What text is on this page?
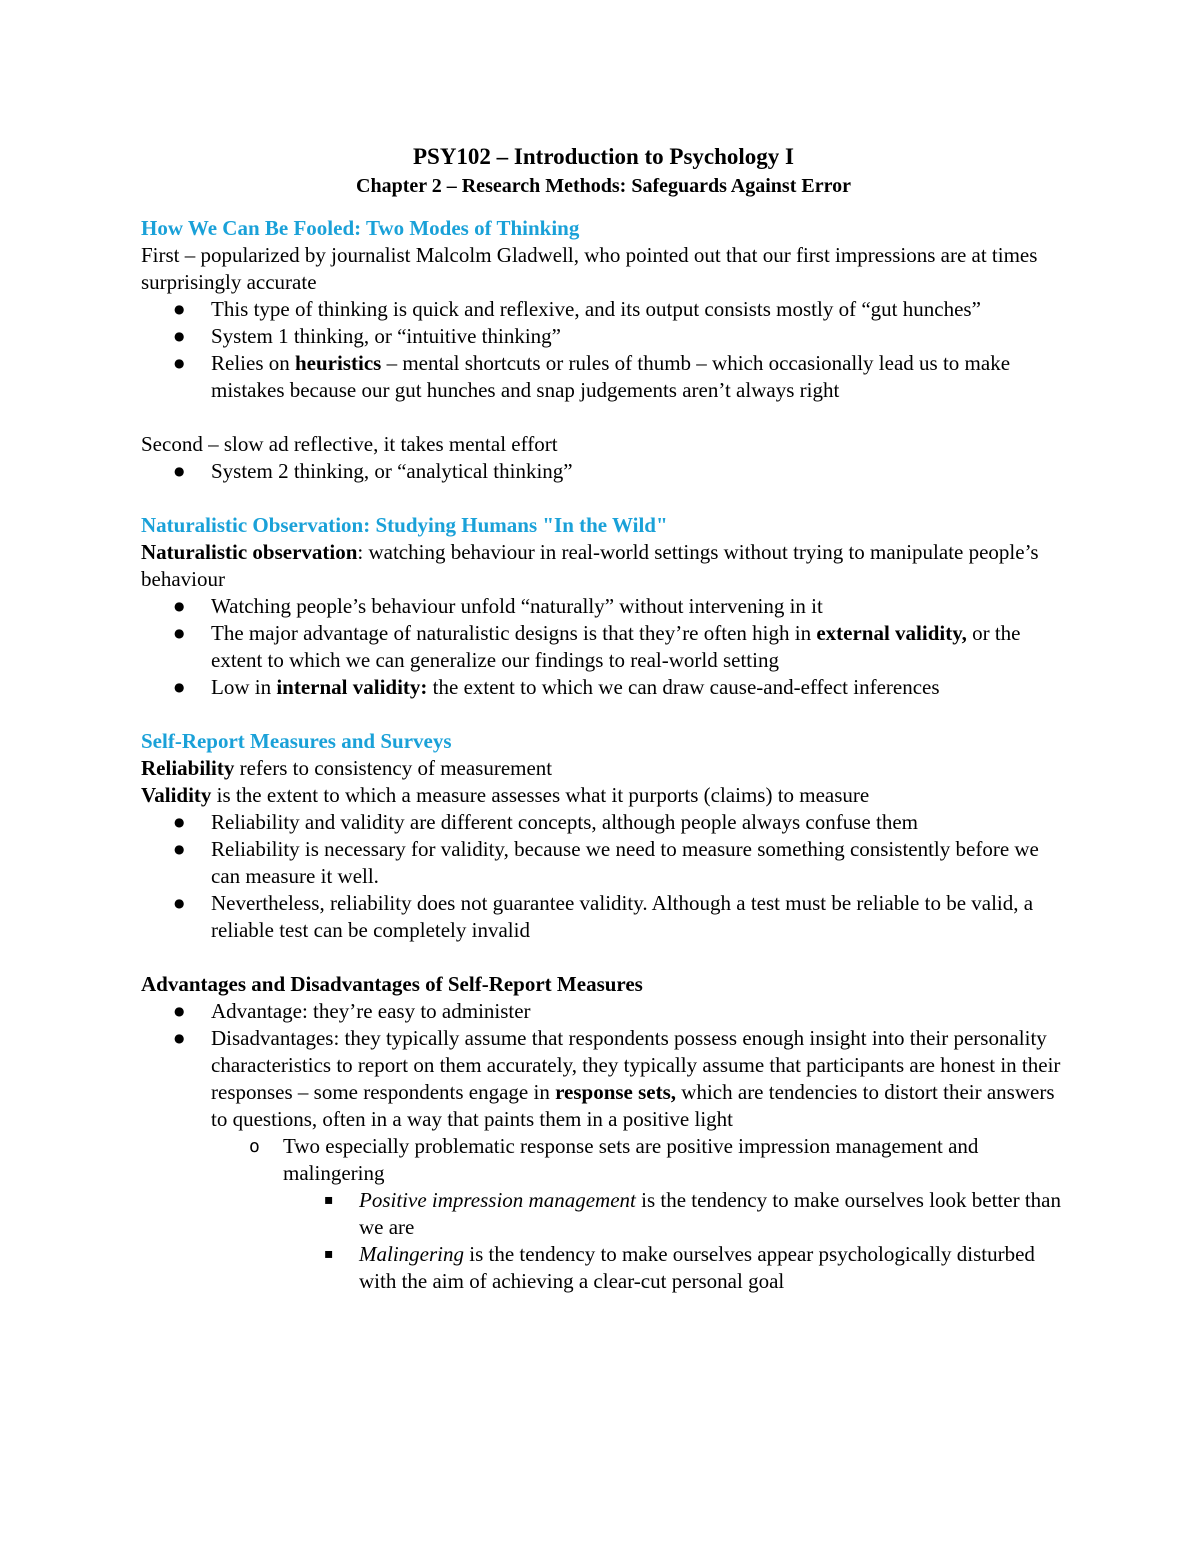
PSY102 – Introduction to Psychology I

Chapter 2 – Research Methods: Safeguards Against Error

How We Can Be Fooled: Two Modes of Thinking

First – popularized by journalist Malcolm Gladwell, who pointed out that our first impressions are at times surprisingly accurate

● This type of thinking is quick and reflexive, and its output consists mostly of “gut hunches”
● System 1 thinking, or “intuitive thinking”
● Relies on heuristics – mental shortcuts or rules of thumb – which occasionally lead us to make mistakes because our gut hunches and snap judgements aren’t always right

Second – slow ad reflective, it takes mental effort

● System 2 thinking, or “analytical thinking”

Naturalistic Observation: Studying Humans "In the Wild"

Naturalistic observation: watching behaviour in real-world settings without trying to manipulate people’s behaviour

● Watching people’s behaviour unfold “naturally” without intervening in it
● The major advantage of naturalistic designs is that they’re often high in external validity, or the extent to which we can generalize our findings to real-world setting
● Low in internal validity: the extent to which we can draw cause-and-effect inferences

Self-Report Measures and Surveys

Reliability refers to consistency of measurement

Validity is the extent to which a measure assesses what it purports (claims) to measure

● Reliability and validity are different concepts, although people always confuse them
● Reliability is necessary for validity, because we need to measure something consistently before we can measure it well.
● Nevertheless, reliability does not guarantee validity. Although a test must be reliable to be valid, a reliable test can be completely invalid

Advantages and Disadvantages of Self-Report Measures

● Advantage: they’re easy to administer
● Disadvantages: they typically assume that respondents possess enough insight into their personality characteristics to report on them accurately, they typically assume that participants are honest in their responses – some respondents engage in response sets, which are tendencies to distort their answers to questions, often in a way that paints them in a positive light
o Two especially problematic response sets are positive impression management and malingering
▪ Positive impression management is the tendency to make ourselves look better than we are
▪ Malingering is the tendency to make ourselves appear psychologically disturbed with the aim of achieving a clear-cut personal goal
